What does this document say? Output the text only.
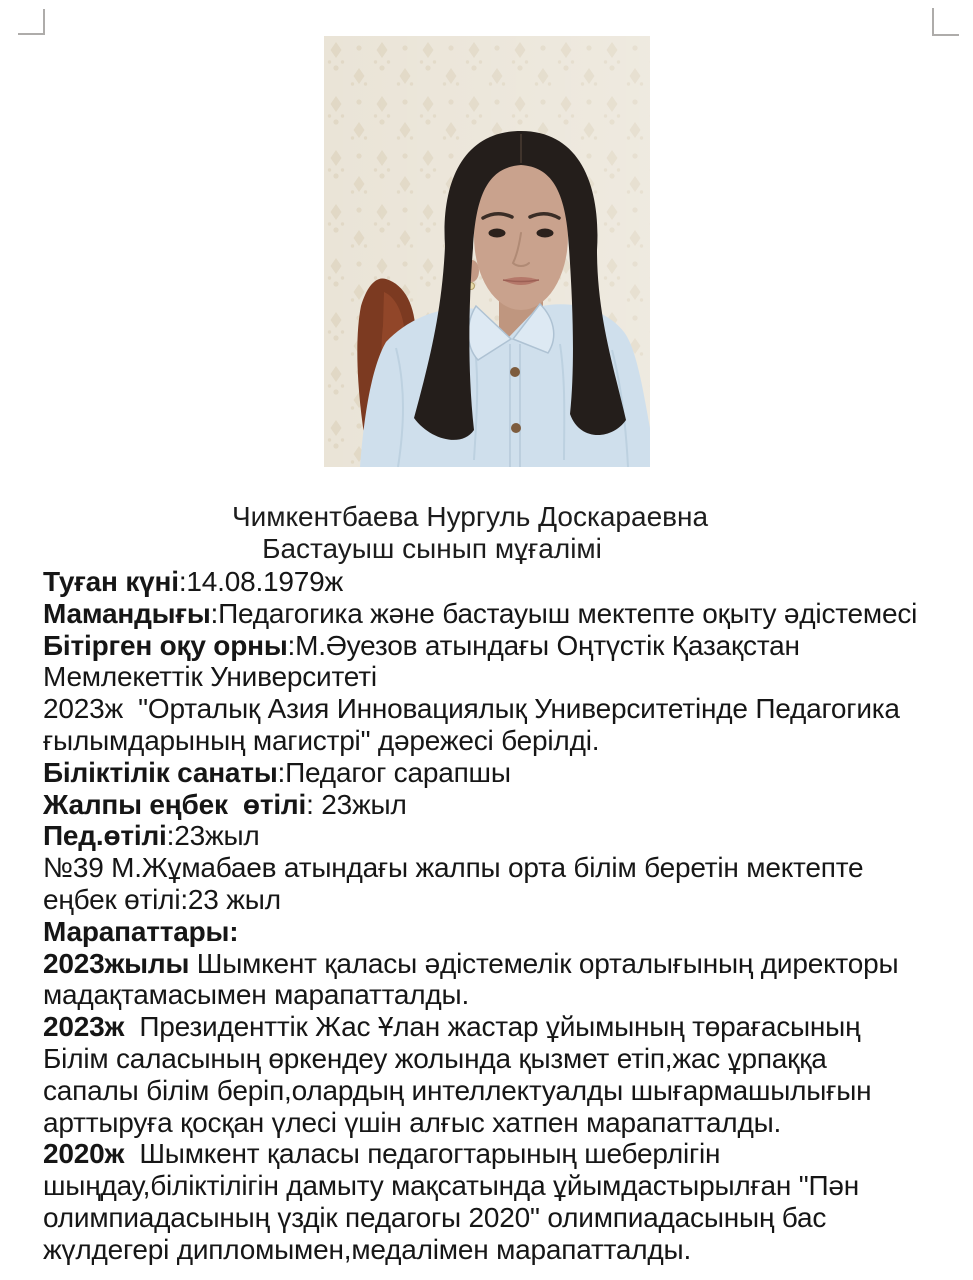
Чимкентбаева Нургуль Доскараевна
Бастауыш сынып мұғалімі
Туған күні:14.08.1979ж
Мамандығы:Педагогика және бастауыш мектепте оқыту әдістемесі
Бітірген оқу орны:М.Әуезов атындағы Оңтүстік Қазақстан
Мемлекеттік Университеті
2023ж  "Орталық Азия Инновациялық Университетінде Педагогика
ғылымдарының магистрі" дәрежесі берілді.
Біліктілік санаты:Педагог сарапшы
Жалпы еңбек  өтілі: 23жыл
Пед.өтілі:23жыл
№39 М.Жұмабаев атындағы жалпы орта білім беретін мектепте
еңбек өтілі:23 жыл
Марапаттары:
2023жылы Шымкент қаласы әдістемелік орталығының директоры
мадақтамасымен марапатталды.
2023ж  Президенттік Жас Ұлан жастар ұйымының төрағасының
Білім саласының өркендеу жолында қызмет етіп,жас ұрпаққа
сапалы білім беріп,олардың интеллектуалды шығармашылығын
арттыруға қосқан үлесі үшін алғыс хатпен марапатталды.
2020ж  Шымкент қаласы педагогтарының шеберлігін
шыңдау,біліктілігін дамыту мақсатында ұйымдастырылған "Пән
олимпиадасының үздік педагогы 2020" олимпиадасының бас
жүлдегері дипломымен,медалімен марапатталды.
